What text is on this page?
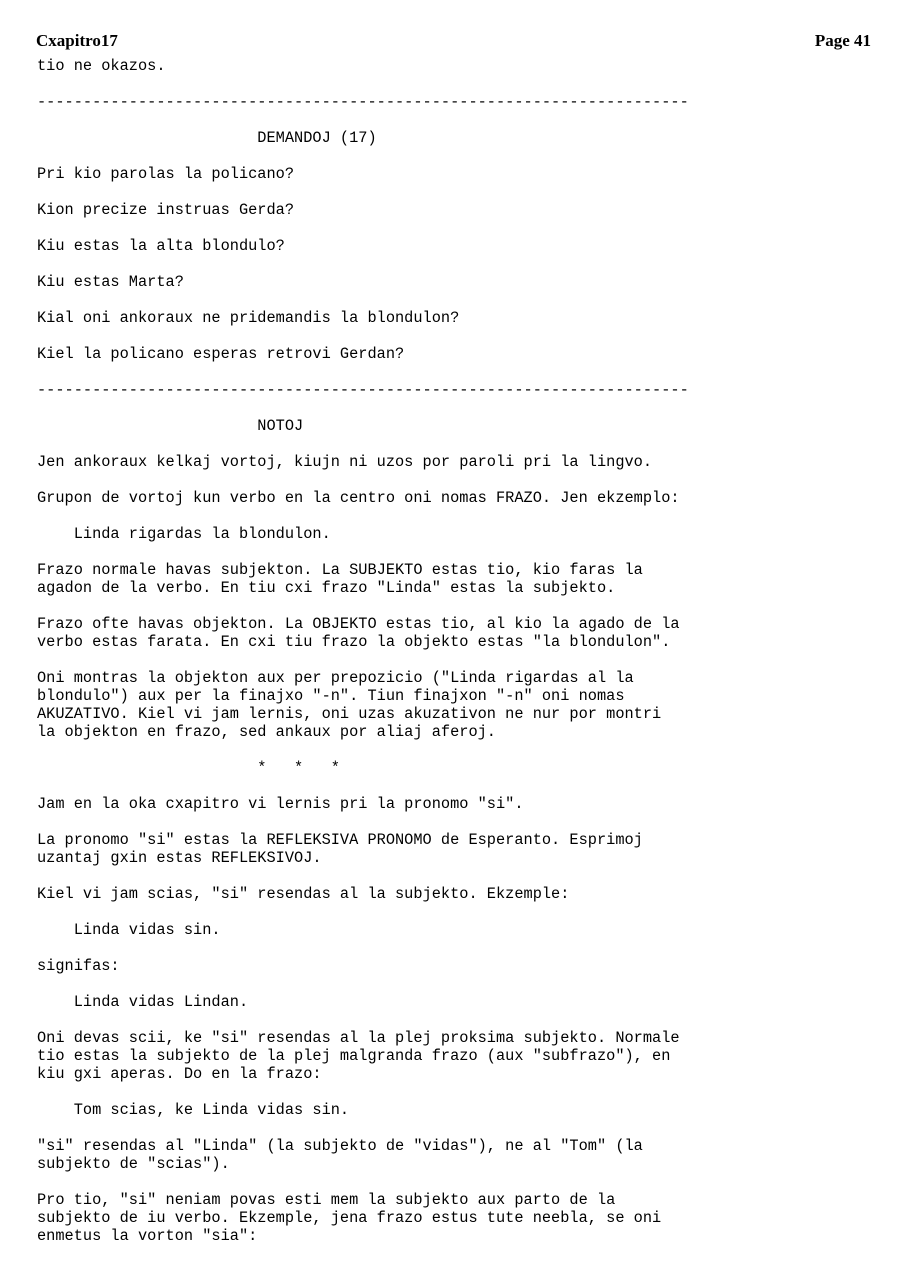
Cxapitro17	Page 41
tio ne okazos.
-----------------------------------------------------------------------
DEMANDOJ (17)
Pri kio parolas la policano?
Kion precize instruas Gerda?
Kiu estas la alta blondulo?
Kiu estas Marta?
Kial oni ankoraux ne pridemandis la blondulon?
Kiel la policano esperas retrovi Gerdan?
-----------------------------------------------------------------------
NOTOJ
Jen ankoraux kelkaj vortoj, kiujn ni uzos por paroli pri la lingvo.
Grupon de vortoj kun verbo en la centro oni nomas FRAZO. Jen ekzemplo:
Linda rigardas la blondulon.
Frazo normale havas subjekton. La SUBJEKTO estas tio, kio faras la
agadon de la verbo. En tiu cxi frazo "Linda" estas la subjekto.
Frazo ofte havas objekton. La OBJEKTO estas tio, al kio la agado de la
verbo estas farata. En cxi tiu frazo la objekto estas "la blondulon".
Oni montras la objekton aux per prepozicio ("Linda rigardas al la
blondulo") aux per la finajxo "-n". Tiun finajxon "-n" oni nomas
AKUZATIVO. Kiel vi jam lernis, oni uzas akuzativon ne nur por montri
la objekton en frazo, sed ankaux por aliaj aferoj.
*   *   *
Jam en la oka cxapitro vi lernis pri la pronomo "si".
La pronomo "si" estas la REFLEKSIVA PRONOMO de Esperanto. Esprimoj
uzantaj gxin estas REFLEKSIVOJ.
Kiel vi jam scias, "si" resendas al la subjekto. Ekzemple:
Linda vidas sin.
signifas:
Linda vidas Lindan.
Oni devas scii, ke "si" resendas al la plej proksima subjekto. Normale
tio estas la subjekto de la plej malgranda frazo (aux "subfrazo"), en
kiu gxi aperas. Do en la frazo:
Tom scias, ke Linda vidas sin.
"si" resendas al "Linda" (la subjekto de "vidas"), ne al "Tom" (la
subjekto de "scias").
Pro tio, "si" neniam povas esti mem la subjekto aux parto de la
subjekto de iu verbo. Ekzemple, jena frazo estus tute neebla, se oni
enmetus la vorton "sia":
